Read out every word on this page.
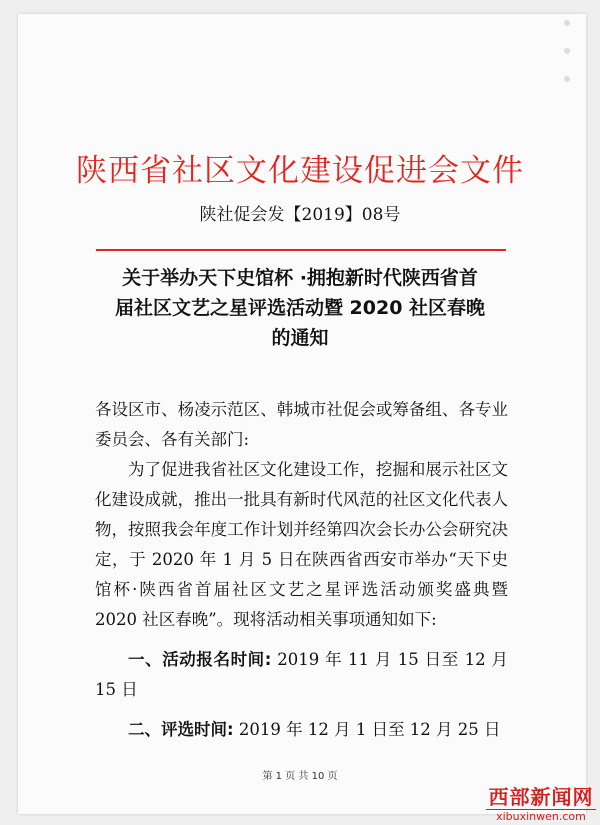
陕西省社区文化建设促进会文件
陕社促会发【2019】08号
关于举办天下史馆杯 ·拥抱新时代陕西省首
届社区文艺之星评选活动暨 2020 社区春晚
的通知

各设区市、杨凌示范区、韩城市社促会或筹备组、各专业委员会、各有关部门:

为了促进我省社区文化建设工作，挖掘和展示社区文化建设成就，推出一批具有新时代风范的社区文化代表人物，按照我会年度工作计划并经第四次会长办公会研究决定，于 2020 年 1 月 5 日在陕西省西安市举办“天下史馆杯·陕西省首届社区文艺之星评选活动颁奖盛典暨 2020 社区春晚”。现将活动相关事项通知如下:

一、活动报名时间: 2019 年 11 月 15 日至 12 月 15 日

二、评选时间: 2019 年 12 月 1 日至 12 月 25 日

第 1 页 共 10 页
西部新闻网
xibuxinwen.com
